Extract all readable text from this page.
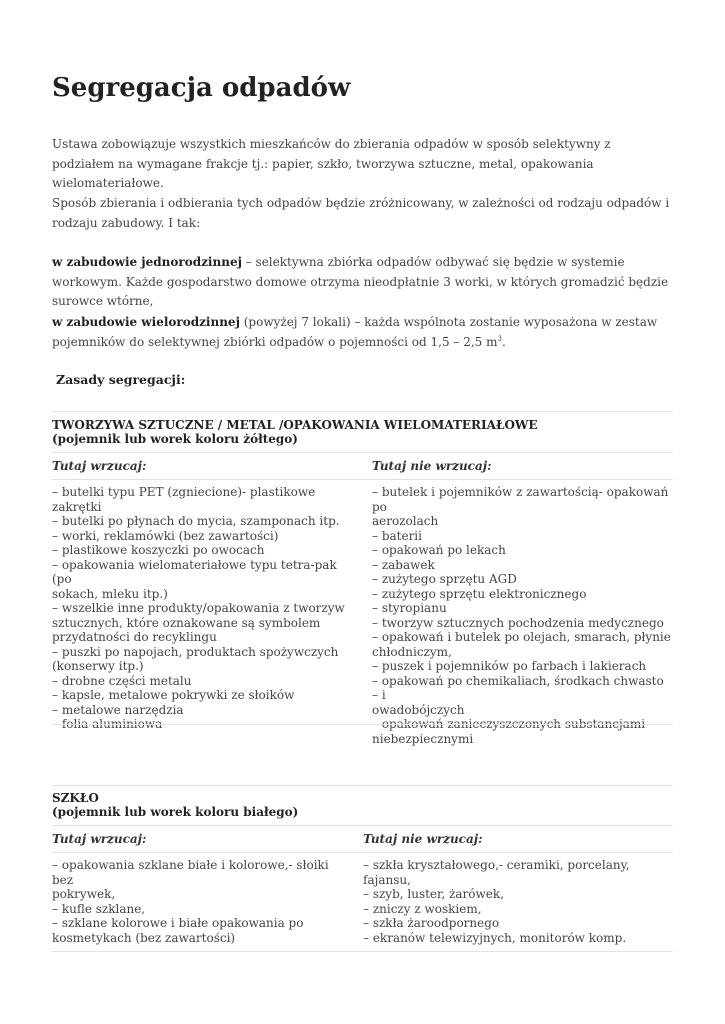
Segregacja odpadów

Ustawa zobowiązuje wszystkich mieszkańców do zbierania odpadów w sposób selektywny z podziałem na wymagane frakcje tj.: papier, szkło, tworzywa sztuczne, metal, opakowania wielomateriałowe.

Sposób zbierania i odbierania tych odpadów będzie zróżnicowany, w zależności od rodzaju odpadów i rodzaju zabudowy. I tak:

w zabudowie jednorodzinnej – selektywna zbiórka odpadów odbywać się będzie w systemie workowym. Każde gospodarstwo domowe otrzyma nieodpłatnie 3 worki, w których gromadzić będzie surowce wtórne,

w zabudowie wielorodzinnej (powyżej 7 lokali) – każda wspólnota zostanie wyposażona w zestaw pojemników do selektywnej zbiórki odpadów o pojemności od 1,5 – 2,5 $m^3$.

Zasady segregacji:

TWORZYWA SZTUCZNE / METAL /OPAKOWANIA WIELOMATERIAŁOWE

(pojemnik lub worek koloru żółtego)

Tutaj wrzucaj:	Tutaj nie wrzucaj:

– butelki typu PET (zgniecione)- plastikowe zakrętki
– butelki po płynach do mycia, szamponach itp.
– worki, reklamówki (bez zawartości)
– plastikowe koszyczki po owocach
– opakowania wielomateriałowe typu tetra-pak (po
sokach, mleku itp.)
– wszelkie inne produkty/opakowania z tworzyw
sztucznych, które oznakowane są symbolem
przydatności do recyklingu
– puszki po napojach, produktach spożywczych
(konserwy itp.)
– drobne części metalu
– kapsle, metalowe pokrywki ze słoików
– metalowe narzędzia
– folia aluminiowa
– butelek i pojemników z zawartością- opakowań po
aerozolach
– baterii
– opakowań po lekach
– zabawek
– zużytego sprzętu AGD
– zużytego sprzętu elektronicznego
– styropianu
– tworzyw sztucznych pochodzenia medycznego
– opakowań i butelek po olejach, smarach, płynie
chłodniczym,
– puszek i pojemników po farbach i lakierach
– opakowań po chemikaliach, środkach chwasto – i
owadobójczych
– opakowań zanieczyszczonych substancjami
niebezpiecznymi

SZKŁO

(pojemnik lub worek koloru białego)

Tutaj wrzucaj:	Tutaj nie wrzucaj:

– opakowania szklane białe i kolorowe,- słoiki bez
pokrywek,
– kufle szklane,
– szklane kolorowe i białe opakowania po
kosmetykach (bez zawartości)
– szkła kryształowego,- ceramiki, porcelany, fajansu,
– szyb, luster, żarówek,
– zniczy z woskiem,
– szkła żaroodpornego
– ekranów telewizyjnych, monitorów komp.
